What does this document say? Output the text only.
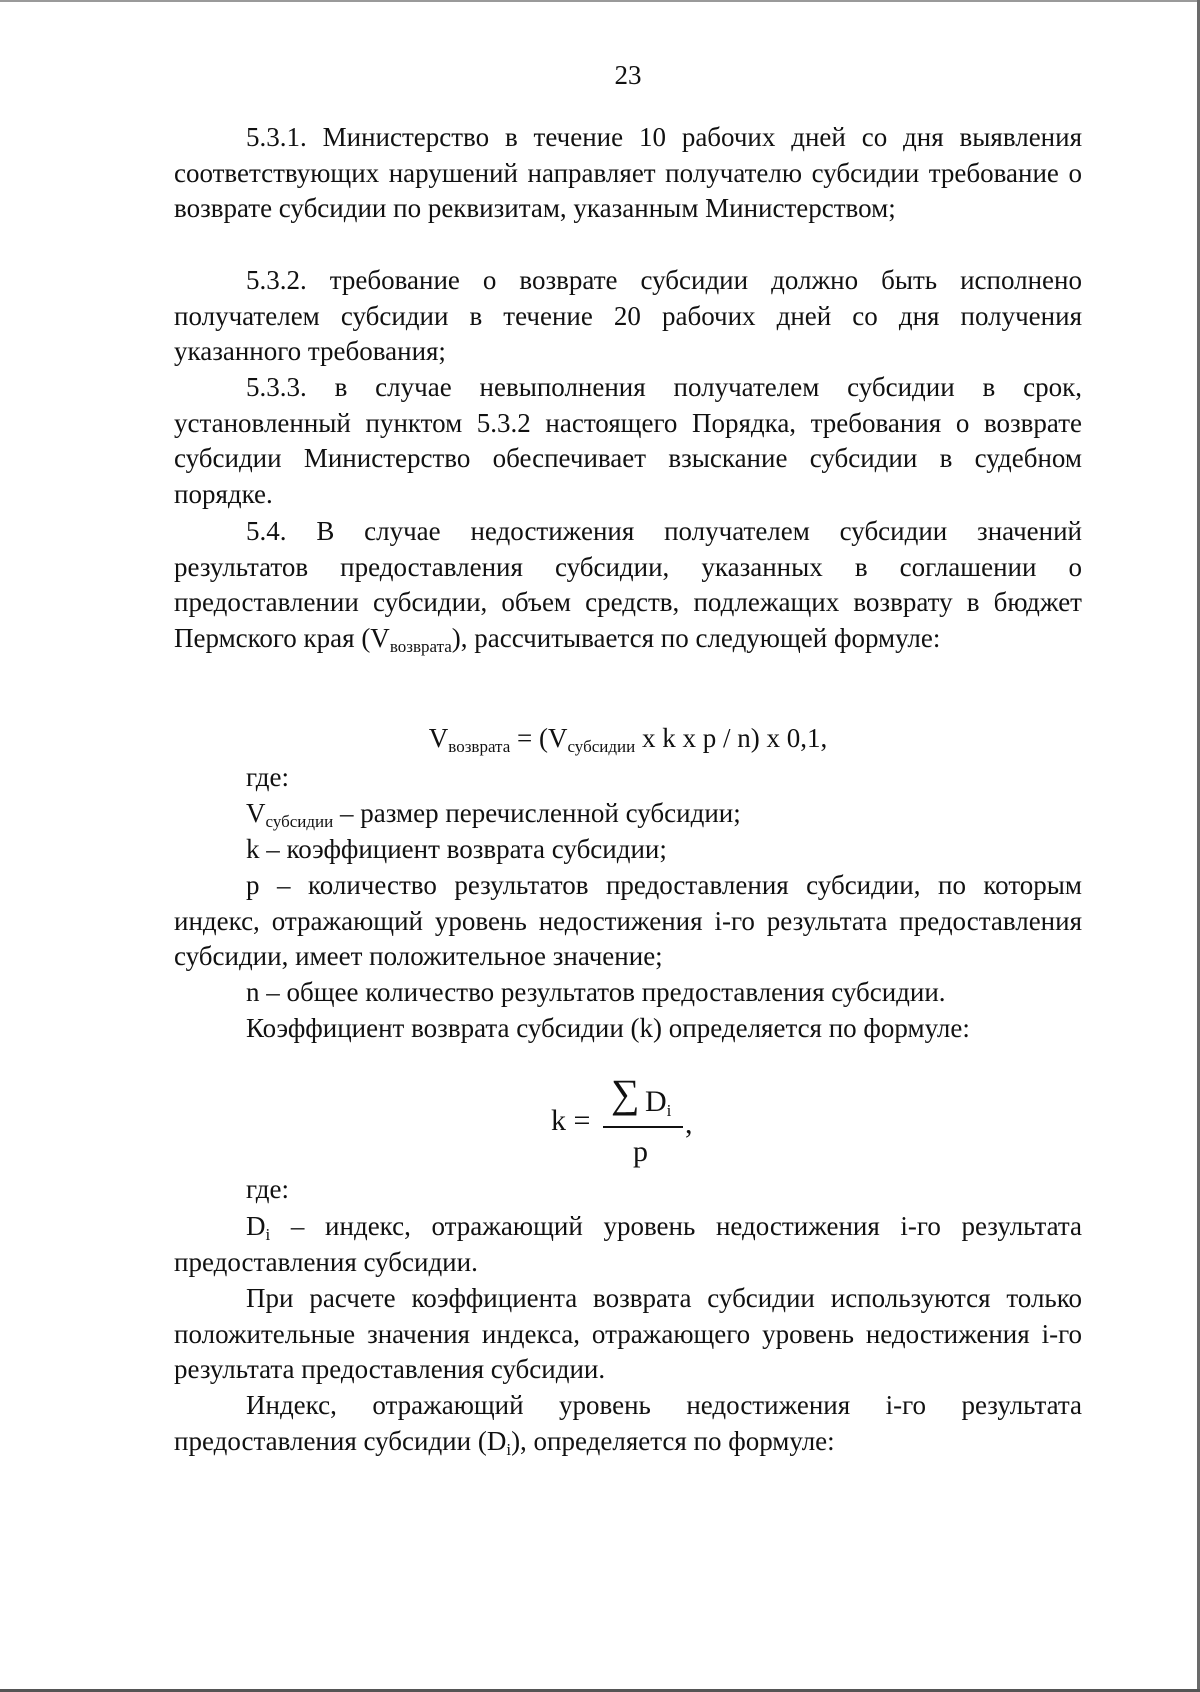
23

5.3.1. Министерство в течение 10 рабочих дней со дня выявления соответствующих нарушений направляет получателю субсидии требование о возврате субсидии по реквизитам, указанным Министерством;

5.3.2. требование о возврате субсидии должно быть исполнено получателем субсидии в течение 20 рабочих дней со дня получения указанного требования;

5.3.3. в случае невыполнения получателем субсидии в срок, установленный пунктом 5.3.2 настоящего Порядка, требования о возврате субсидии Министерство обеспечивает взыскание субсидии в судебном порядке.

5.4. В случае недостижения получателем субсидии значений результатов предоставления субсидии, указанных в соглашении о предоставлении субсидии, объем средств, подлежащих возврату в бюджет Пермского края $(V_{возврата})$, рассчитывается по следующей формуле:

$V_{возврата} = (V_{субсидии}$ x k x p / n) x 0,1,

где:

$V_{субсидии}$ – размер перечисленной субсидии;

k – коэффициент возврата субсидии;

p – количество результатов предоставления субсидии, по которым индекс, отражающий уровень недостижения i-го результата предоставления субсидии, имеет положительное значение;

n – общее количество результатов предоставления субсидии.

Коэффициент возврата субсидии (k) определяется по формуле:

k =
∑ $D_i$
p
,

где:

$D_i$ – индекс, отражающий уровень недостижения i-го результата предоставления субсидии.

При расчете коэффициента возврата субсидии используются только положительные значения индекса, отражающего уровень недостижения i-го результата предоставления субсидии.

Индекс, отражающий уровень недостижения i-го результата предоставления субсидии $(D_i)$, определяется по формуле:
